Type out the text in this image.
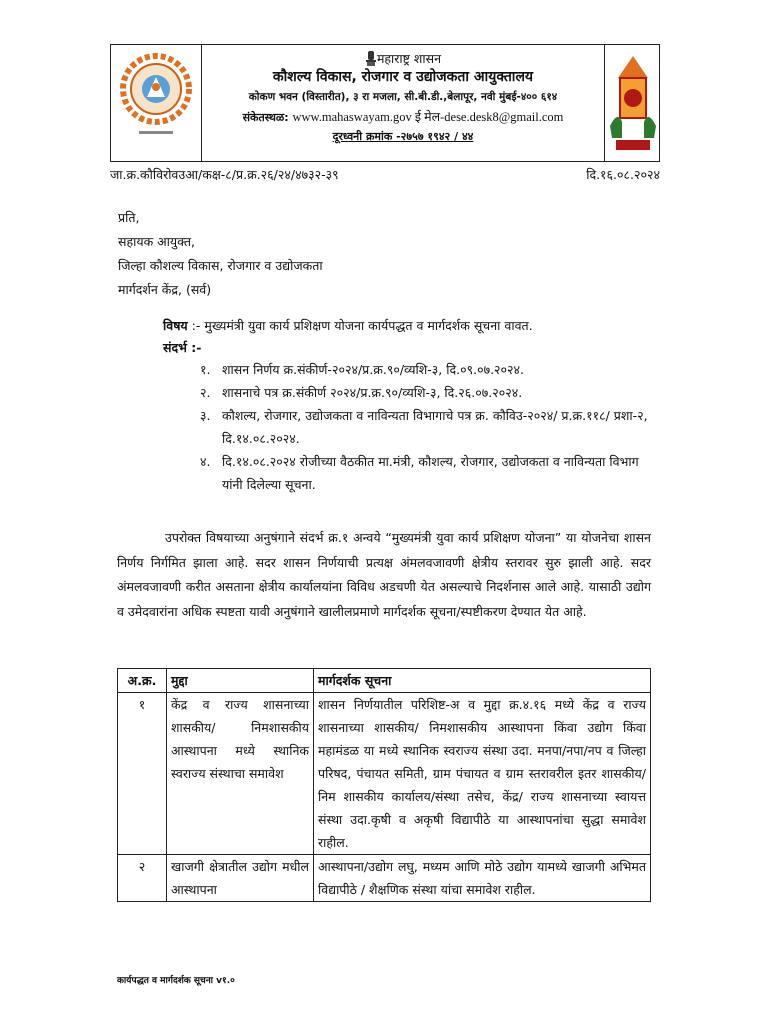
महाराष्ट्र शासन
कौशल्य विकास, रोजगार व उद्योजकता आयुक्तालय
कोकण भवन (विस्तारीत), ३ रा मजला, सी.बी.डी.,बेलापूर, नवी मुंबई-४०० ६१४
संकेतस्थळ: www.mahaswayam.gov ई मेल-dese.desk8@gmail.com
दूरध्वनी क्रमांक -२७५७ १९४२ / ४४
जा.क्र.कौविरोवउआ/कक्ष-८/प्र.क्र.२६/२४/४७३२-३९	दि.१६.०८.२०२४
प्रति,
सहायक आयुक्त,
जिल्हा कौशल्य विकास, रोजगार व उद्योजकता
मार्गदर्शन केंद्र, (सर्व)
विषय :- मुख्यमंत्री युवा कार्य प्रशिक्षण योजना कार्यपद्धत व मार्गदर्शक सूचना वावत.
संदर्भ :-
१. शासन निर्णय क्र.संकीर्ण-२०२४/प्र.क्र.९०/व्यशि-३, दि.०९.०७.२०२४.
२. शासनाचे पत्र क्र.संकीर्ण २०२४/प्र.क्र.९०/व्यशि-३, दि.२६.०७.२०२४.
३. कौशल्य, रोजगार, उद्योजकता व नाविन्यता विभागाचे पत्र क्र. कौविउ-२०२४/ प्र.क्र.११८/ प्रशा-२, दि.१४.०८.२०२४.
४. दि.१४.०८.२०२४ रोजीच्या वैठकीत मा.मंत्री, कौशल्य, रोजगार, उद्योजकता व नाविन्यता विभाग यांनी दिलेल्या सूचना.
उपरोक्त विषयाच्या अनुषंगाने संदर्भ क्र.१ अन्वये “मुख्यमंत्री युवा कार्य प्रशिक्षण योजना” या योजनेचा शासन निर्णय निर्गमित झाला आहे. सदर शासन निर्णयाची प्रत्यक्ष अंमलवजावणी क्षेत्रीय स्तरावर सुरु झाली आहे. सदर अंमलवजावणी करीत असताना क्षेत्रीय कार्यालयांना विविध अडचणी येत असल्याचे निदर्शनास आले आहे. यासाठी उद्योग व उमेदवारांना अधिक स्पष्टता यावी अनुषंगाने खालीलप्रमाणे मार्गदर्शक सूचना/स्पष्टीकरण देण्यात येत आहे.
अ.क्र.	मुद्दा	मार्गदर्शक सूचना
१	केंद्र व राज्य शासनाच्या शासकीय/ निमशासकीय आस्थापना मध्ये स्थानिक स्वराज्य संस्थाचा समावेश	शासन निर्णयातील परिशिष्ट-अ व मुद्दा क्र.४.१६ मध्ये केंद्र व राज्य शासनाच्या शासकीय/ निमशासकीय आस्थापना किंवा उद्योग किंवा महामंडळ या मध्ये स्थानिक स्वराज्य संस्था उदा. मनपा/नपा/नप व जिल्हा परिषद, पंचायत समिती, ग्राम पंचायत व ग्राम स्तरावरील इतर शासकीय/निम शासकीय कार्यालय/संस्था तसेच, केंद्र/ राज्य शासनाच्या स्वायत्त संस्था उदा.कृषी व अकृषी विद्यापीठे या आस्थापनांचा सुद्धा समावेश राहील.
२	खाजगी क्षेत्रातील उद्योग मधील आस्थापना	आस्थापना/उद्योग लघु, मध्यम आणि मोठे उद्योग यामध्ये खाजगी अभिमत विद्यापीठे / शैक्षणिक संस्था यांचा समावेश राहील.
कार्यपद्धत व मार्गदर्शक सूचना v१.०
